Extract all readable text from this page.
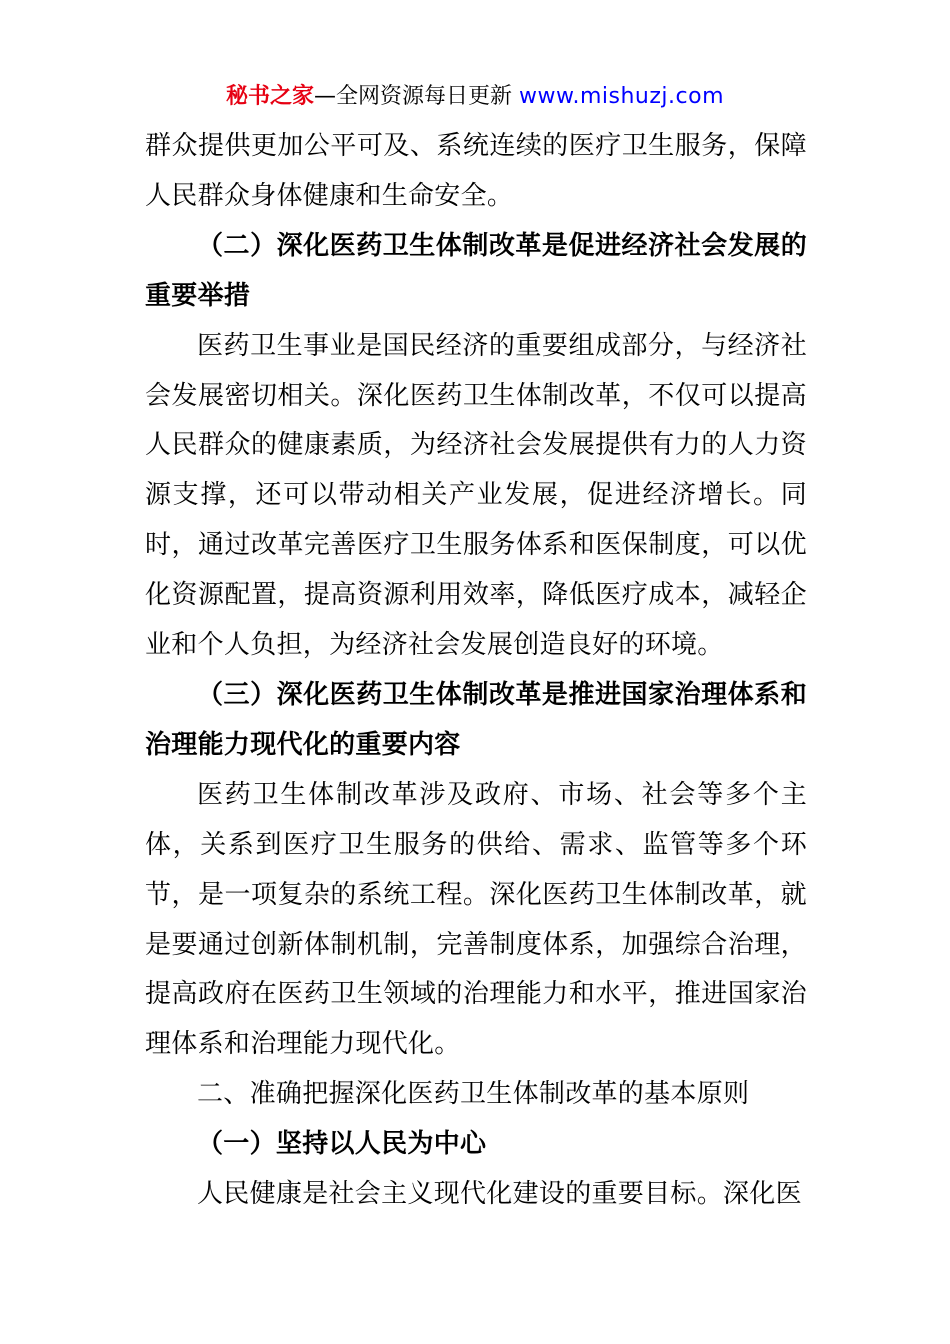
秘书之家—全网资源每日更新 www.mishuzj.com

群众提供更加公平可及、系统连续的医疗卫生服务，保障人民群众身体健康和生命安全。

（二）深化医药卫生体制改革是促进经济社会发展的重要举措

医药卫生事业是国民经济的重要组成部分，与经济社会发展密切相关。深化医药卫生体制改革，不仅可以提高人民群众的健康素质，为经济社会发展提供有力的人力资源支撑，还可以带动相关产业发展，促进经济增长。同时，通过改革完善医疗卫生服务体系和医保制度，可以优化资源配置，提高资源利用效率，降低医疗成本，减轻企业和个人负担，为经济社会发展创造良好的环境。

（三）深化医药卫生体制改革是推进国家治理体系和治理能力现代化的重要内容

医药卫生体制改革涉及政府、市场、社会等多个主体，关系到医疗卫生服务的供给、需求、监管等多个环节，是一项复杂的系统工程。深化医药卫生体制改革，就是要通过创新体制机制，完善制度体系，加强综合治理，提高政府在医药卫生领域的治理能力和水平，推进国家治理体系和治理能力现代化。

二、准确把握深化医药卫生体制改革的基本原则

（一）坚持以人民为中心

人民健康是社会主义现代化建设的重要目标。深化医
